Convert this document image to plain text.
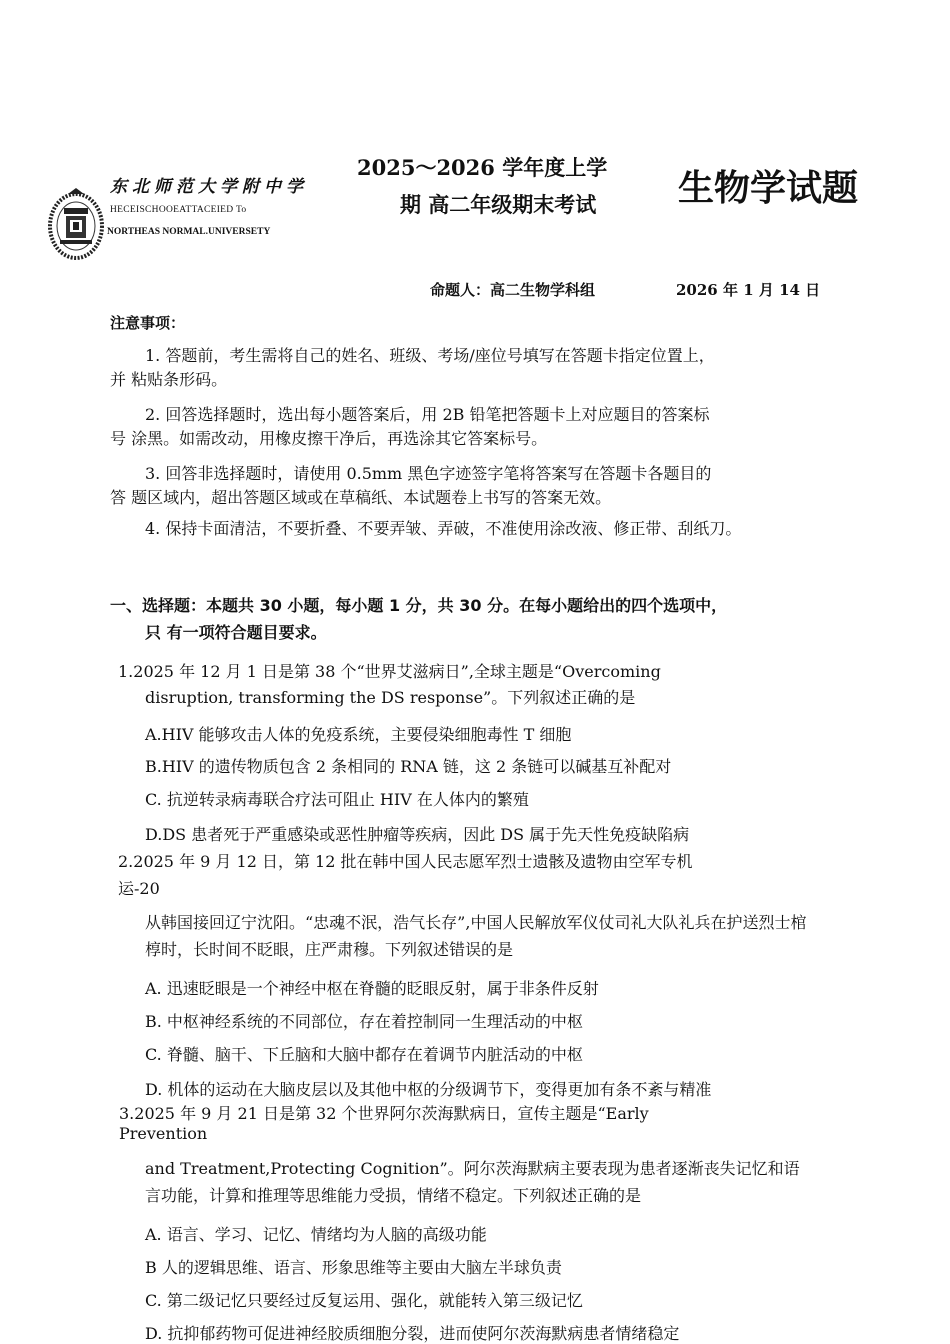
东北师范大学附中学
HECEISCHOOEATTACEIED To
NORTHEAS NORMAL.UNIVERSETY
2025～2026 学年度上学
期 高二年级期末考试 生物学试题
命题人：高二生物学科组	2026 年 1 月 14 日
注意事项：
1. 答题前，考生需将自己的姓名、班级、考场/座位号填写在答题卡指定位置上，
并 粘贴条形码。
2. 回答选择题时，选出每小题答案后，用 2B 铅笔把答题卡上对应题目的答案标
号 涂黑。如需改动，用橡皮擦干净后，再选涂其它答案标号。
3. 回答非选择题时，请使用 0.5mm 黑色字迹签字笔将答案写在答题卡各题目的
答 题区域内，超出答题区域或在草稿纸、本试题卷上书写的答案无效。
4. 保持卡面清洁，不要折叠、不要弄皱、弄破，不准使用涂改液、修正带、刮纸刀。
一、选择题：本题共 30 小题，每小题 1 分，共 30 分。在每小题给出的四个选项中，
只 有一项符合题目要求。
1.2025 年 12 月 1 日是第 38 个“世界艾滋病日”,全球主题是“Overcoming
disruption, transforming the DS response”。下列叙述正确的是
A.HIV 能够攻击人体的免疫系统，主要侵染细胞毒性 T 细胞
B.HIV 的遗传物质包含 2 条相同的 RNA 链，这 2 条链可以碱基互补配对
C. 抗逆转录病毒联合疗法可阻止 HIV 在人体内的繁殖
D.DS 患者死于严重感染或恶性肿瘤等疾病，因此 DS 属于先天性免疫缺陷病
2.2025 年 9 月 12 日，第 12 批在韩中国人民志愿军烈士遗骸及遗物由空军专机
运-20
从韩国接回辽宁沈阳。“忠魂不泯，浩气长存”,中国人民解放军仪仗司礼大队礼兵在护送烈士棺椁时，长时间不眨眼，庄严肃穆。下列叙述错误的是
A. 迅速眨眼是一个神经中枢在脊髓的眨眼反射，属于非条件反射
B. 中枢神经系统的不同部位，存在着控制同一生理活动的中枢
C. 脊髓、脑干、下丘脑和大脑中都存在着调节内脏活动的中枢
D. 机体的运动在大脑皮层以及其他中枢的分级调节下，变得更加有条不紊与精准
3.2025 年 9 月 21 日是第 32 个世界阿尔茨海默病日，宣传主题是“Early
Prevention
and Treatment,Protecting Cognition”。阿尔茨海默病主要表现为患者逐渐丧失记忆和语言功能，计算和推理等思维能力受损，情绪不稳定。下列叙述正确的是
A. 语言、学习、记忆、情绪均为人脑的高级功能
B 人的逻辑思维、语言、形象思维等主要由大脑左半球负责
C. 第二级记忆只要经过反复运用、强化，就能转入第三级记忆
D. 抗抑郁药物可促进神经胶质细胞分裂，进而使阿尔茨海默病患者情绪稳定
